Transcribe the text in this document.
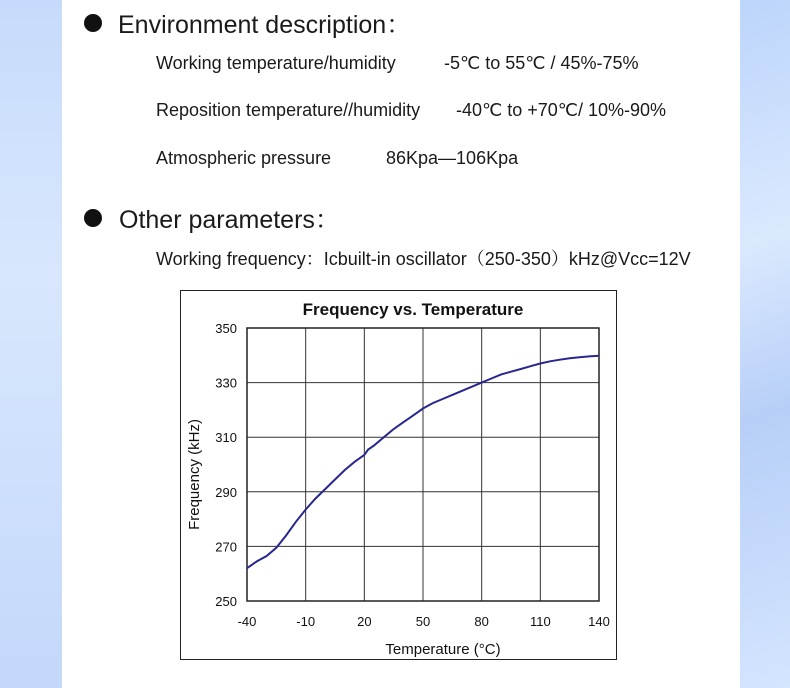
Environment description：
Working temperature/humidity	-5℃ to 55℃ / 45%-75%
Reposition temperature//humidity -40℃ to +70℃/ 10%-90%
Atmospheric pressure	86Kpa—106Kpa
Other parameters：
Working frequency：Icbuilt-in oscillator（250-350）kHz@Vcc=12V
-40	-10	20	50	80	110	140
250
270
290
310
330
350
Frequency vs. Temperature
Temperature (°C)
Frequency (kHz)
